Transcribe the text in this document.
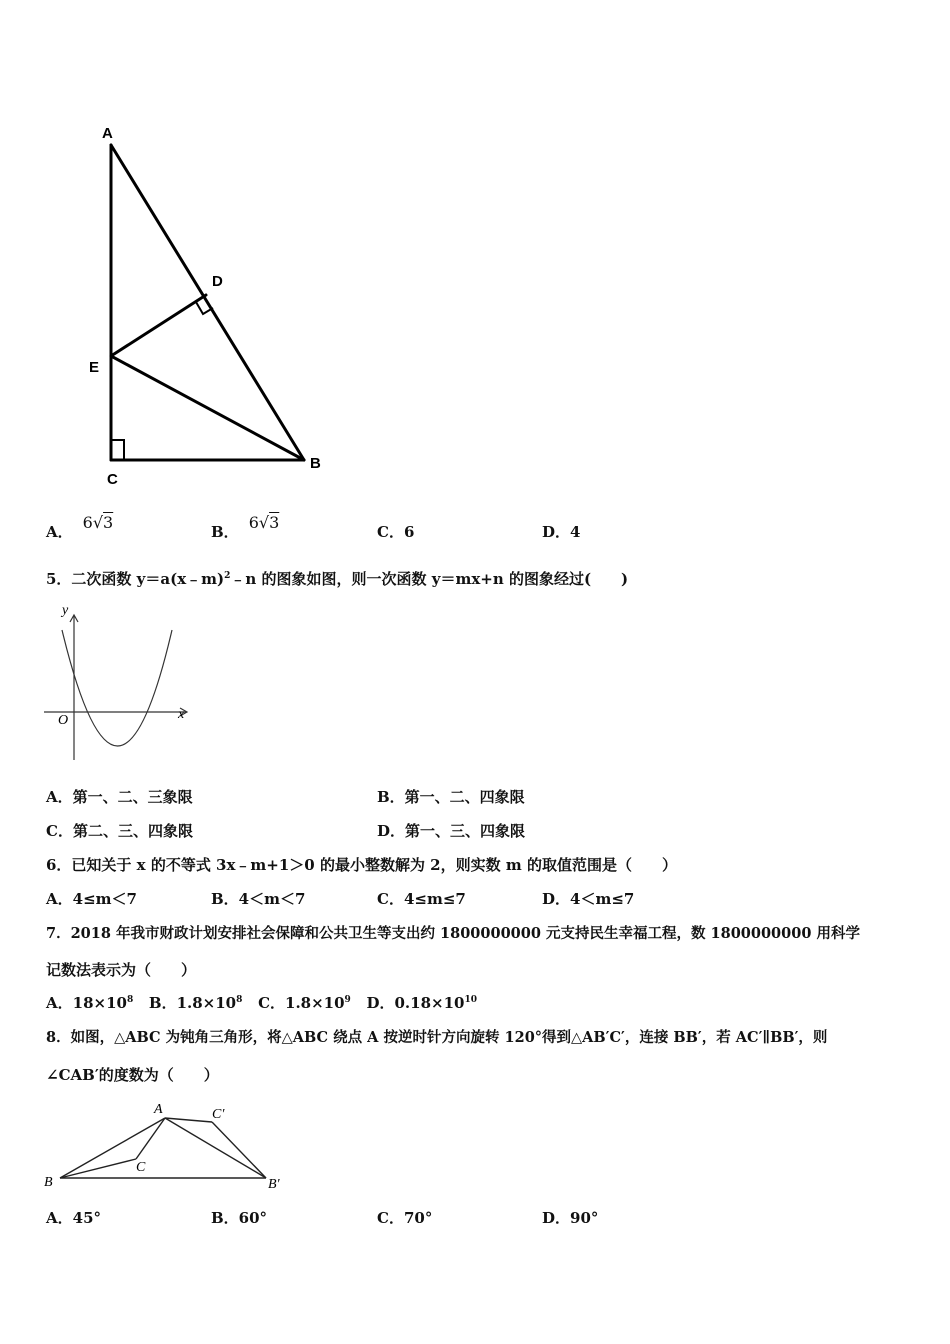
A
B
C
D
E
A． 6√3	B． 6√3	C．6	D．4
5．二次函数 y＝a(x﹣m)$^2$﹣n 的图象如图，则一次函数 y＝mx+n 的图象经过(　　)
y
x
O
A．第一、二、三象限	B．第一、二、四象限
C．第二、三、四象限	D．第一、三、四象限
6．已知关于 x 的不等式 3x﹣m+1＞0 的最小整数解为 2，则实数 m 的取值范围是（　　）
A．4≤m＜7	B．4＜m＜7	C．4≤m≤7	D．4＜m≤7
7．2018 年我市财政计划安排社会保障和公共卫生等支出约 1800000000 元支持民生幸福工程，数 1800000000 用科学
记数法表示为（　　）
A．$18\times 10^8$ B．$1.8\times 10^8$ C．$1.8\times 10^9$ D．$0.18\times 10^{10}$
8．如图，△ABC 为钝角三角形，将△ABC 绕点 A 按逆时针方向旋转 120°得到△AB′C′，连接 BB′，若 AC′∥BB′，则
∠CAB′的度数为（　　）
A
B
C
C′
B′
A．45°	B．60°	C．70°	D．90°
